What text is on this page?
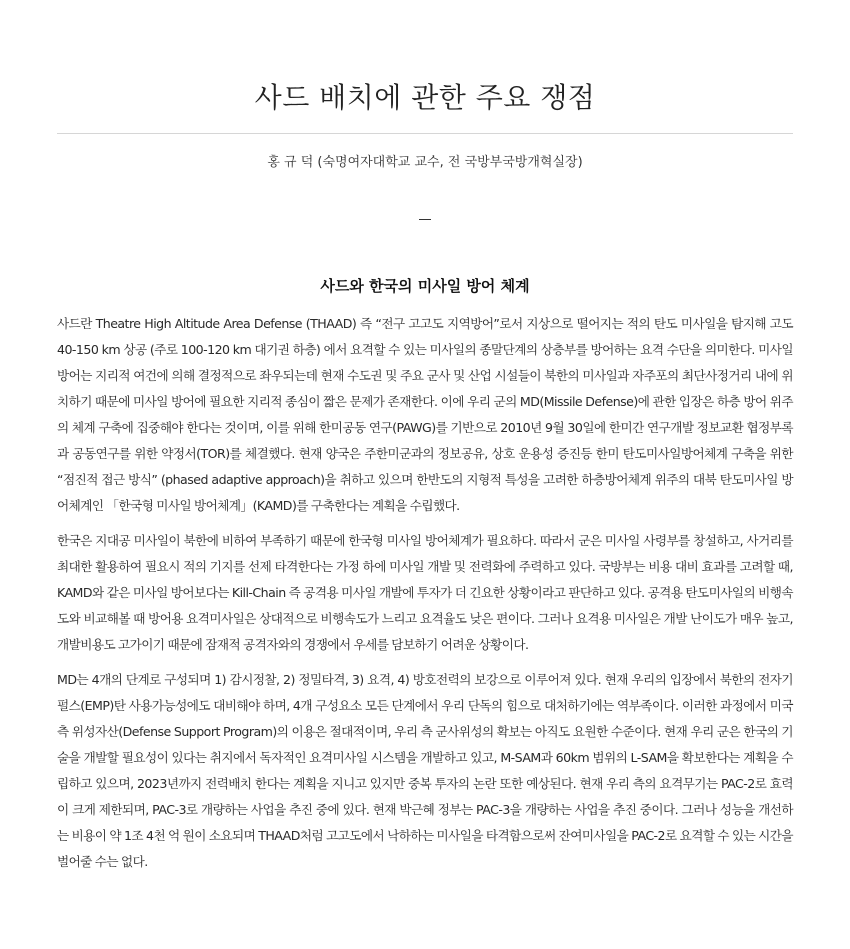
사드 배치에 관한 주요 쟁점
홍 규 덕 (숙명여자대학교 교수, 전 국방부국방개혁실장)
사드와 한국의 미사일 방어 체계

사드란 Theatre High Altitude Area Defense (THAAD) 즉 “전구 고고도 지역방어”로서 지상으로 떨어지는 적의 탄도 미사일을 탐지해 고도 40-150 km 상공 (주로 100-120 km 대기권 하층) 에서 요격할 수 있는 미사일의 종말단계의 상층부를 방어하는 요격 수단을 의미한다. 미사일 방어는 지리적 여건에 의해 결정적으로 좌우되는데 현재 수도권 및 주요 군사 및 산업 시설들이 북한의 미사일과 자주포의 최단사정거리 내에 위치하기 때문에 미사일 방어에 필요한 지리적 종심이 짧은 문제가 존재한다. 이에 우리 군의 MD(Missile Defense)에 관한 입장은 하층 방어 위주의 체계 구축에 집중해야 한다는 것이며, 이를 위해 한미공동 연구(PAWG)를 기반으로 2010년 9월 30일에 한미간 연구개발 정보교환 협정부록과 공동연구를 위한 약정서(TOR)를 체결했다. 현재 양국은 주한미군과의 정보공유, 상호 운용성 증진등 한미 탄도미사일방어체계 구축을 위한 “점진적 접근 방식” (phased adaptive approach)을 취하고 있으며 한반도의 지형적 특성을 고려한 하층방어체계 위주의 대북 탄도미사일 방어체계인 「한국형 미사일 방어체계」(KAMD)를 구축한다는 계획을 수립했다.

한국은 지대공 미사일이 북한에 비하여 부족하기 때문에 한국형 미사일 방어체계가 필요하다. 따라서 군은 미사일 사령부를 창설하고, 사거리를 최대한 활용하여 필요시 적의 기지를 선제 타격한다는 가정 하에 미사일 개발 및 전력화에 주력하고 있다. 국방부는 비용 대비 효과를 고려할 때, KAMD와 같은 미사일 방어보다는 Kill-Chain 즉 공격용 미사일 개발에 투자가 더 긴요한 상황이라고 판단하고 있다. 공격용 탄도미사일의 비행속도와 비교해볼 때 방어용 요격미사일은 상대적으로 비행속도가 느리고 요격율도 낮은 편이다. 그러나 요격용 미사일은 개발 난이도가 매우 높고, 개발비용도 고가이기 때문에 잠재적 공격자와의 경쟁에서 우세를 담보하기 어려운 상황이다.

MD는 4개의 단계로 구성되며 1) 감시정찰, 2) 정밀타격, 3) 요격, 4) 방호전력의 보강으로 이루어져 있다. 현재 우리의 입장에서 북한의 전자기 펄스(EMP)탄 사용가능성에도 대비해야 하며, 4개 구성요소 모든 단계에서 우리 단독의 힘으로 대처하기에는 역부족이다. 이러한 과정에서 미국 측 위성자산(Defense Support Program)의 이용은 절대적이며, 우리 측 군사위성의 확보는 아직도 요원한 수준이다. 현재 우리 군은 한국의 기술을 개발할 필요성이 있다는 취지에서 독자적인 요격미사일 시스템을 개발하고 있고, M-SAM과 60km 범위의 L-SAM을 확보한다는 계획을 수립하고 있으며, 2023년까지 전력배치 한다는 계획을 지니고 있지만 중복 투자의 논란 또한 예상된다. 현재 우리 측의 요격무기는 PAC-2로 효력이 크게 제한되며, PAC-3로 개량하는 사업을 추진 중에 있다. 현재 박근혜 정부는 PAC-3을 개량하는 사업을 추진 중이다. 그러나 성능을 개선하는 비용이 약 1조 4천 억 원이 소요되며 THAAD처럼 고고도에서 낙하하는 미사일을 타격함으로써 잔여미사일을 PAC-2로 요격할 수 있는 시간을 벌어줄 수는 없다.
